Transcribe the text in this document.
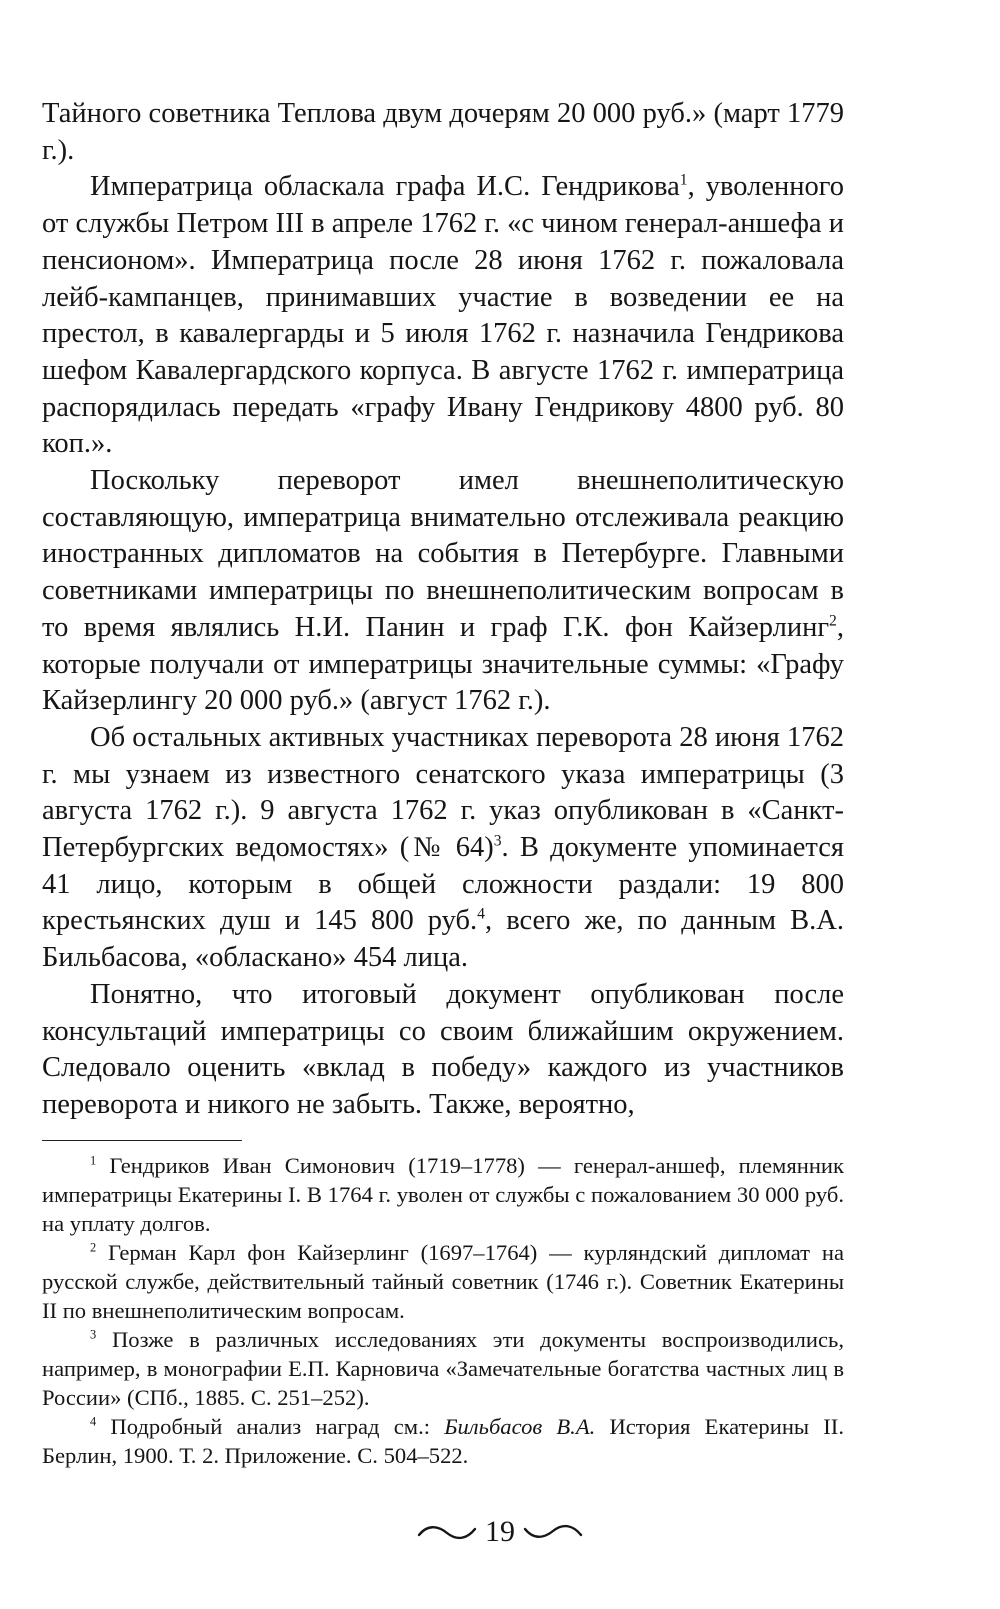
Тайного советника Теплова двум дочерям 20 000 руб.» (март 1779 г.).

Императрица обласкала графа И.С. Гендрикова$^1$, уволенного от службы Петром III в апреле 1762 г. «с чином генерал-аншефа и пенсионом». Императрица после 28 июня 1762 г. пожаловала лейб-кампанцев, принимавших участие в возведении ее на престол, в кавалергарды и 5 июля 1762 г. назначила Гендрикова шефом Кавалергардского корпуса. В августе 1762 г. императрица распорядилась передать «графу Ивану Гендрикову 4800 руб. 80 коп.».

Поскольку переворот имел внешнеполитическую составляющую, императрица внимательно отслеживала реакцию иностранных дипломатов на события в Петербурге. Главными советниками императрицы по внешнеполитическим вопросам в то время являлись Н.И. Панин и граф Г.К. фон Кайзерлинг$^2$, которые получали от императрицы значительные суммы: «Графу Кайзерлингу 20 000 руб.» (август 1762 г.).

Об остальных активных участниках переворота 28 июня 1762 г. мы узнаем из известного сенатского указа императрицы (3 августа 1762 г.). 9 августа 1762 г. указ опубликован в «Санкт-Петербургских ведомостях» (№ 64)$^3$. В документе упоминается 41 лицо, которым в общей сложности раздали: 19 800 крестьянских душ и 145 800 руб.$^4$, всего же, по данным В.А. Бильбасова, «обласкано» 454 лица.

Понятно, что итоговый документ опубликован после консультаций императрицы со своим ближайшим окружением. Следовало оценить «вклад в победу» каждого из участников переворота и никого не забыть. Также, вероятно,

$^1$ Гендриков Иван Симонович (1719–1778) — генерал-аншеф, племянник императрицы Екатерины I. В 1764 г. уволен от службы с пожалованием 30 000 руб. на уплату долгов.

$^2$ Герман Карл фон Кайзерлинг (1697–1764) — курляндский дипломат на русской службе, действительный тайный советник (1746 г.). Советник Екатерины II по внешнеполитическим вопросам.

$^3$ Позже в различных исследованиях эти документы воспроизводились, например, в монографии Е.П. Карновича «Замечательные богатства частных лиц в России» (СПб., 1885. С. 251–252).

$^4$ Подробный анализ наград см.: Бильбасов В.А. История Екатерины II. Берлин, 1900. Т. 2. Приложение. С. 504–522.

19
